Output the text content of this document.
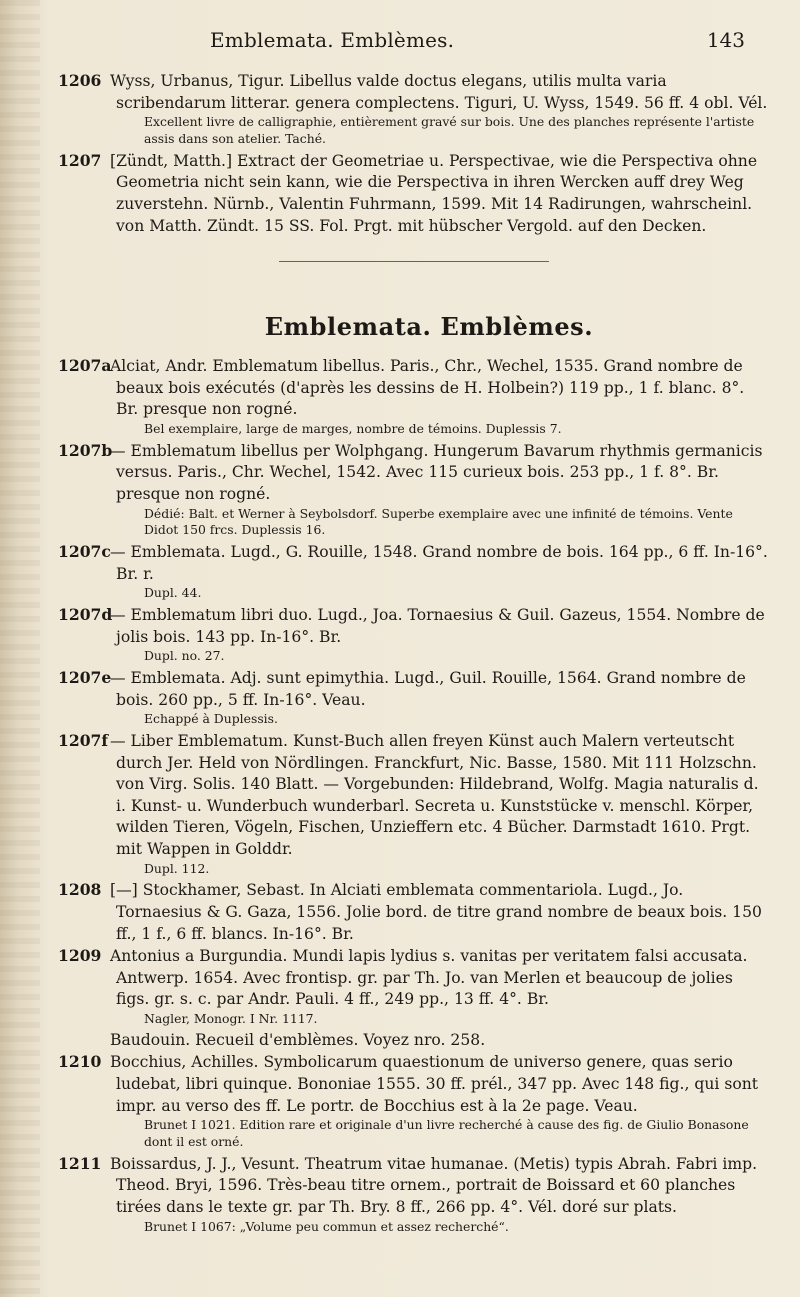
Emblemata. Emblèmes.	143

1206 Wyss, Urbanus, Tigur. Libellus valde doctus elegans, utilis multa varia scribendarum litterar. genera complectens. Tiguri, U. Wyss, 1549. 56 ff. 4 obl. Vél.

Excellent livre de calligraphie, entièrement gravé sur bois. Une des planches représente l'artiste assis dans son atelier. Taché.

1207 [Zündt, Matth.] Extract der Geometriae u. Perspectivae, wie die Perspectiva ohne Geometria nicht sein kann, wie die Perspectiva in ihren Wercken auff drey Weg zuverstehn. Nürnb., Valentin Fuhrmann, 1599. Mit 14 Radirungen, wahrscheinl. von Matth. Zündt. 15 SS. Fol. Prgt. mit hübscher Vergold. auf den Decken.

Emblemata. Emblèmes.

1207aAlciat, Andr. Emblematum libellus. Paris., Chr., Wechel, 1535. Grand nombre de beaux bois exécutés (d'après les dessins de H. Holbein?) 119 pp., 1 f. blanc. 8°. Br. presque non rogné.

Bel exemplaire, large de marges, nombre de témoins. Duplessis 7.

1207b— Emblematum libellus per Wolphgang. Hungerum Bavarum rhythmis germanicis versus. Paris., Chr. Wechel, 1542. Avec 115 curieux bois. 253 pp., 1 f. 8°. Br. presque non rogné.

Dédié: Balt. et Werner à Seybolsdorf. Superbe exemplaire avec une infinité de témoins. Vente Didot 150 frcs. Duplessis 16.

1207c— Emblemata. Lugd., G. Rouille, 1548. Grand nombre de bois. 164 pp., 6 ff. In-16°. Br. r.

Dupl. 44.

1207d— Emblematum libri duo. Lugd., Joa. Tornaesius & Guil. Gazeus, 1554. Nombre de jolis bois. 143 pp. In-16°. Br.

Dupl. no. 27.

1207e— Emblemata. Adj. sunt epimythia. Lugd., Guil. Rouille, 1564. Grand nombre de bois. 260 pp., 5 ff. In-16°. Veau.

Echappé à Duplessis.

1207f — Liber Emblematum. Kunst-Buch allen freyen Künst auch Malern verteutscht durch Jer. Held von Nördlingen. Franckfurt, Nic. Basse, 1580. Mit 111 Holzschn. von Virg. Solis. 140 Blatt. — Vorgebunden: Hildebrand, Wolfg. Magia naturalis d. i. Kunst- u. Wunderbuch wunderbarl. Secreta u. Kunststücke v. menschl. Körper, wilden Tieren, Vögeln, Fischen, Unzieffern etc. 4 Bücher. Darmstadt 1610. Prgt. mit Wappen in Golddr.

Dupl. 112.

1208 [—] Stockhamer, Sebast. In Alciati emblemata commentariola. Lugd., Jo. Tornaesius & G. Gaza, 1556. Jolie bord. de titre grand nombre de beaux bois. 150 ff., 1 f., 6 ff. blancs. In-16°. Br.

1209 Antonius a Burgundia. Mundi lapis lydius s. vanitas per veritatem falsi accusata. Antwerp. 1654. Avec frontisp. gr. par Th. Jo. van Merlen et beaucoup de jolies figs. gr. s. c. par Andr. Pauli. 4 ff., 249 pp., 13 ff. 4°. Br.

Nagler, Monogr. I Nr. 1117.

Baudouin. Recueil d'emblèmes. Voyez nro. 258.

1210 Bocchius, Achilles. Symbolicarum quaestionum de universo genere, quas serio ludebat, libri quinque. Bononiae 1555. 30 ff. prél., 347 pp. Avec 148 fig., qui sont impr. au verso des ff. Le portr. de Bocchius est à la 2e page. Veau.

Brunet I 1021. Edition rare et originale d'un livre recherché à cause des fig. de Giulio Bonasone dont il est orné.

1211 Boissardus, J. J., Vesunt. Theatrum vitae humanae. (Metis) typis Abrah. Fabri imp. Theod. Bryi, 1596. Très-beau titre ornem., portrait de Boissard et 60 planches tirées dans le texte gr. par Th. Bry. 8 ff., 266 pp. 4°. Vél. doré sur plats.

Brunet I 1067: „Volume peu commun et assez recherché“.
